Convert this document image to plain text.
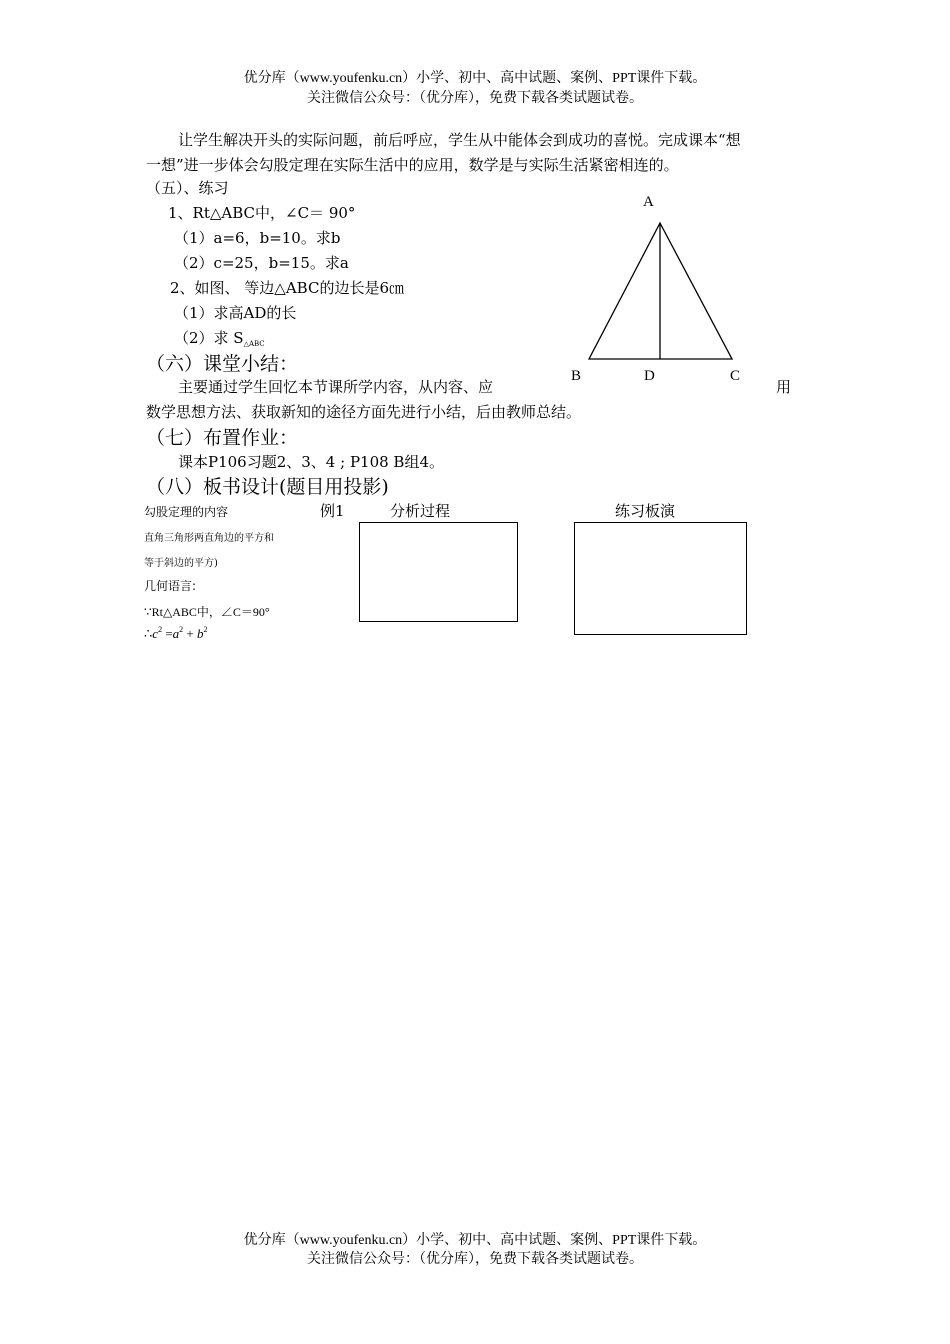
优分库（www.youfenku.cn）小学、初中、高中试题、案例、PPT课件下载。
关注微信公众号：（优分库），免费下载各类试题试卷。
让学生解决开头的实际问题，前后呼应，学生从中能体会到成功的喜悦。完成课本“想
一想”进一步体会勾股定理在实际生活中的应用，数学是与实际生活紧密相连的。
（五）、练习
1、Rt△ABC中，∠C＝ 90°
（1）a=6，b=10。求b
（2）c=25，b=15。求a
2、如图、 等边△ABC的边长是6㎝
（1）求高AD的长
（2）求 $S_{\triangle ABC}$
A
B	D	C
（六）课堂小结：
主要通过学生回忆本节课所学内容，从内容、应	用
数学思想方法、获取新知的途径方面先进行小结，后由教师总结。
（七）布置作业：
课本P106习题2、3、4 ; P108 B组4。
（八）板书设计(题目用投影)
勾股定理的内容
直角三角形两直角边的平方和
等于斜边的平方)
几何语言:
∵Rt△ABC中，∠C＝90°
$\therefore c^2 =a^2 + b^2$
例1	分析过程	练习板演
优分库（www.youfenku.cn）小学、初中、高中试题、案例、PPT课件下载。
关注微信公众号：（优分库），免费下载各类试题试卷。
